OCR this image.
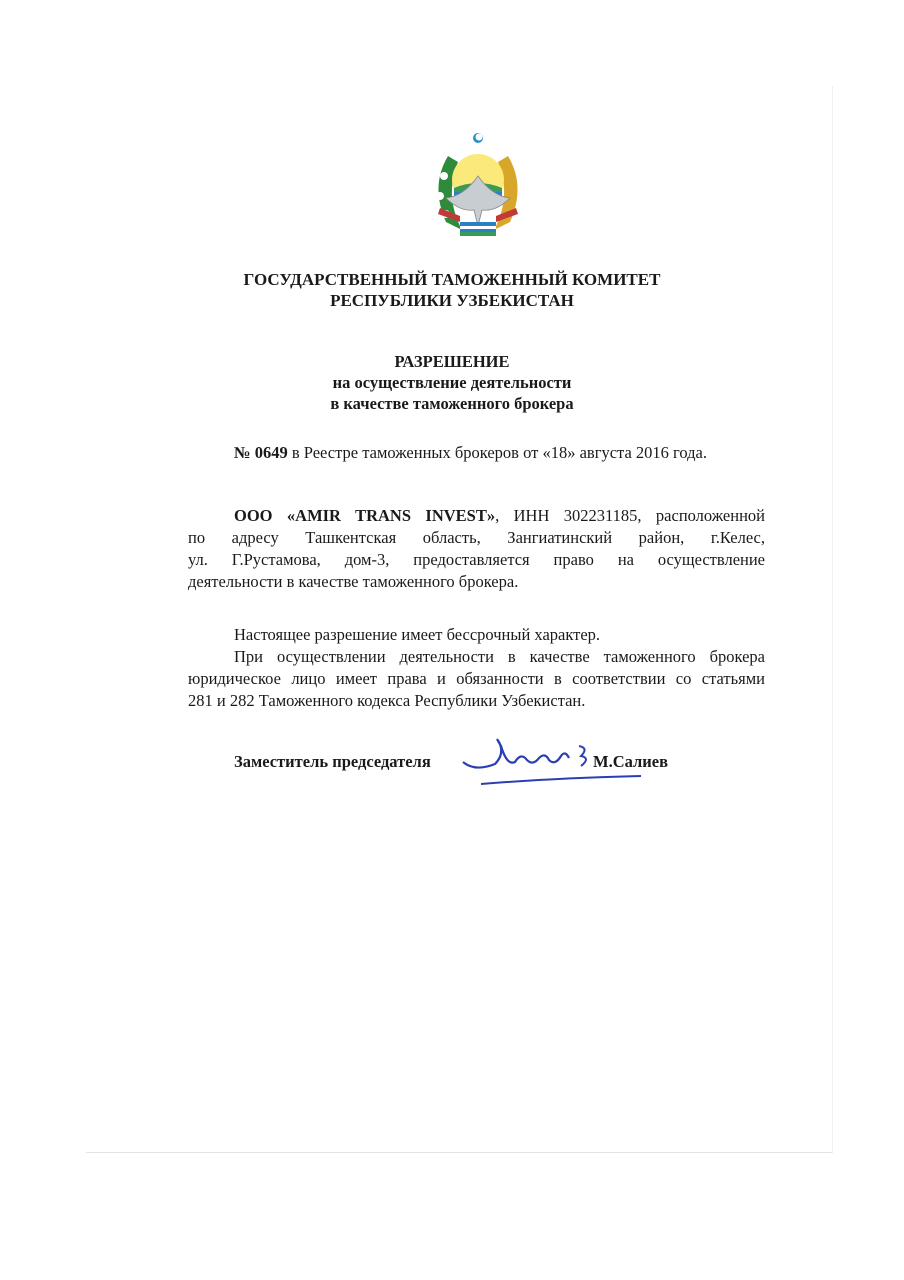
ГОСУДАРСТВЕННЫЙ ТАМОЖЕННЫЙ КОМИТЕТ
РЕСПУБЛИКИ УЗБЕКИСТАН
РАЗРЕШЕНИЕ
на осуществление деятельности
в качестве таможенного брокера
№ 0649 в Реестре таможенных брокеров от «18» августа 2016 года.
ООО «AMIR TRANS INVEST», ИНН 302231185, расположенной
по адресу Ташкентская область, Зангиатинский район, г.Келес,
ул. Г.Рустамова, дом-3, предоставляется право на осуществление
деятельности в качестве таможенного брокера.
Настоящее разрешение имеет бессрочный характер.
При осуществлении деятельности в качестве таможенного брокера
юридическое лицо имеет права и обязанности в соответствии со статьями
281 и 282 Таможенного кодекса Республики Узбекистан.
Заместитель председателя	М.Салиев
